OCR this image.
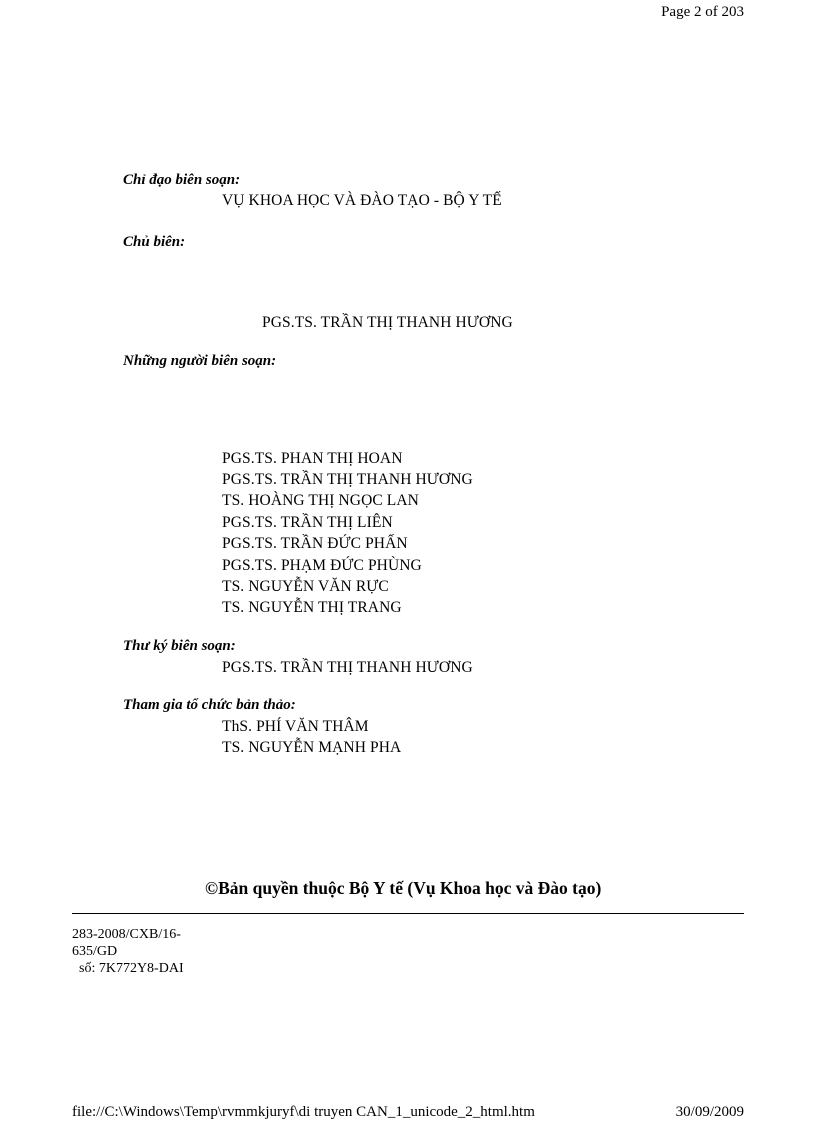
Page 2 of 203
Chỉ đạo biên soạn:
VỤ KHOA HỌC VÀ ĐÀO TẠO - BỘ Y TẾ
Chủ biên:
PGS.TS. TRẦN THỊ THANH HƯƠNG
Những người biên soạn:
PGS.TS. PHAN THỊ HOAN
PGS.TS. TRẦN THỊ THANH HƯƠNG
TS. HOÀNG THỊ NGỌC LAN
PGS.TS. TRẦN THỊ LIÊN
PGS.TS. TRẦN ĐỨC PHẤN
PGS.TS. PHẠM ĐỨC PHÙNG
TS. NGUYỄN VĂN RỰC
TS. NGUYỄN THỊ TRANG
Thư ký biên soạn:
PGS.TS. TRẦN THỊ THANH HƯƠNG
Tham gia tổ chức bản thảo:
ThS. PHÍ VĂN THÂM
TS. NGUYỄN MẠNH PHA
©Bản quyền thuộc Bộ Y tế (Vụ Khoa học và Đào tạo)
283-2008/CXB/16-
635/GD
số: 7K772Y8-DAI
file://C:\Windows\Temp\rvmmkjuryf\di truyen CAN_1_unicode_2_html.htm	30/09/2009
